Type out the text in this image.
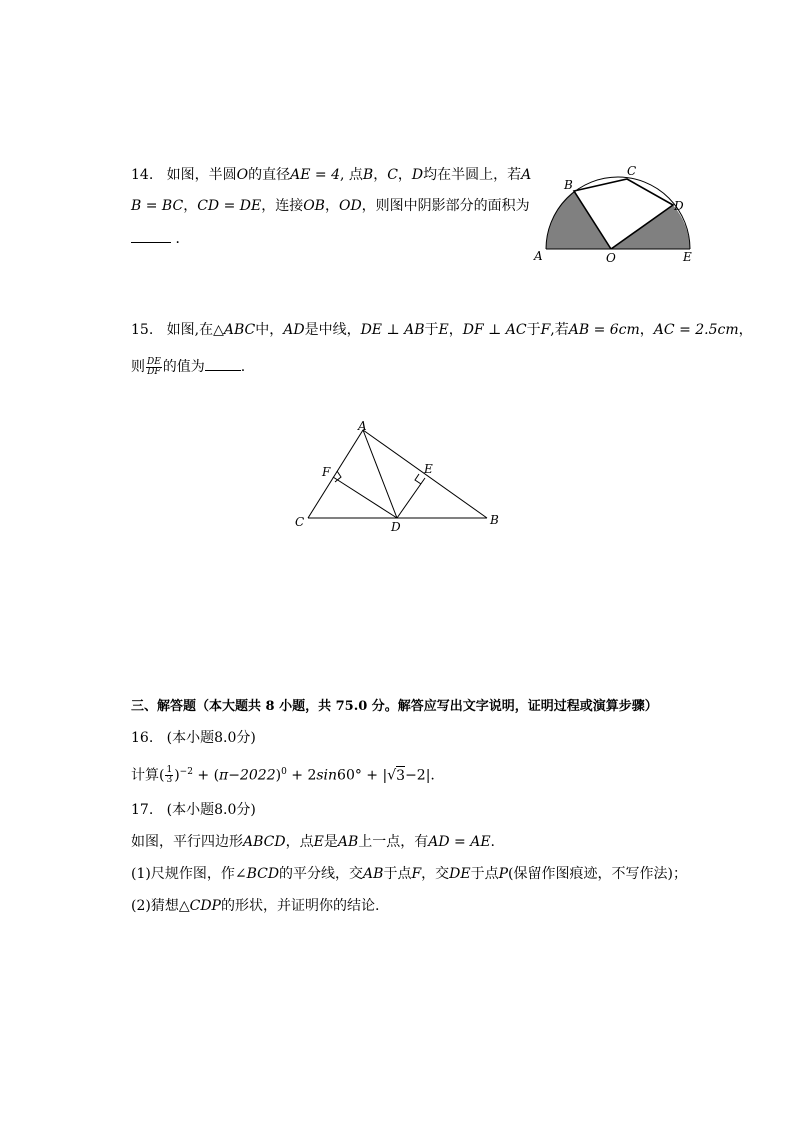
14. 如图，半圆O的直径AE = 4, 点B，C，D均在半圆上，若A
B = BC，CD = DE，连接OB，OD，则图中阴影部分的面积为
．
A
B
C
D
O	E
15. 如图,在△ABC中，AD是中线，DE ⊥ AB于E，DF ⊥ AC于F,若AB = 6cm，AC = 2.5cm，
则 $\frac{DE}{DF}$ 的值为	.
A
B
C	D
E
F
三、解答题（本大题共 8 小题，共 75.0 分。解答应写出文字说明，证明过程或演算步骤）
16. (本小题8.0分)
计算( $\frac{1}{3} )^{-2} + (\pi-2022)^0 + 2\sin 60^\circ + |√3-2|$.
17. (本小题8.0分)
如图，平行四边形ABCD，点E是AB上一点，有AD = AE.
(1)尺规作图，作∠BCD的平分线，交AB于点F，交DE于点P(保留作图痕迹，不写作法)；
(2)猜想△CDP的形状，并证明你的结论.
